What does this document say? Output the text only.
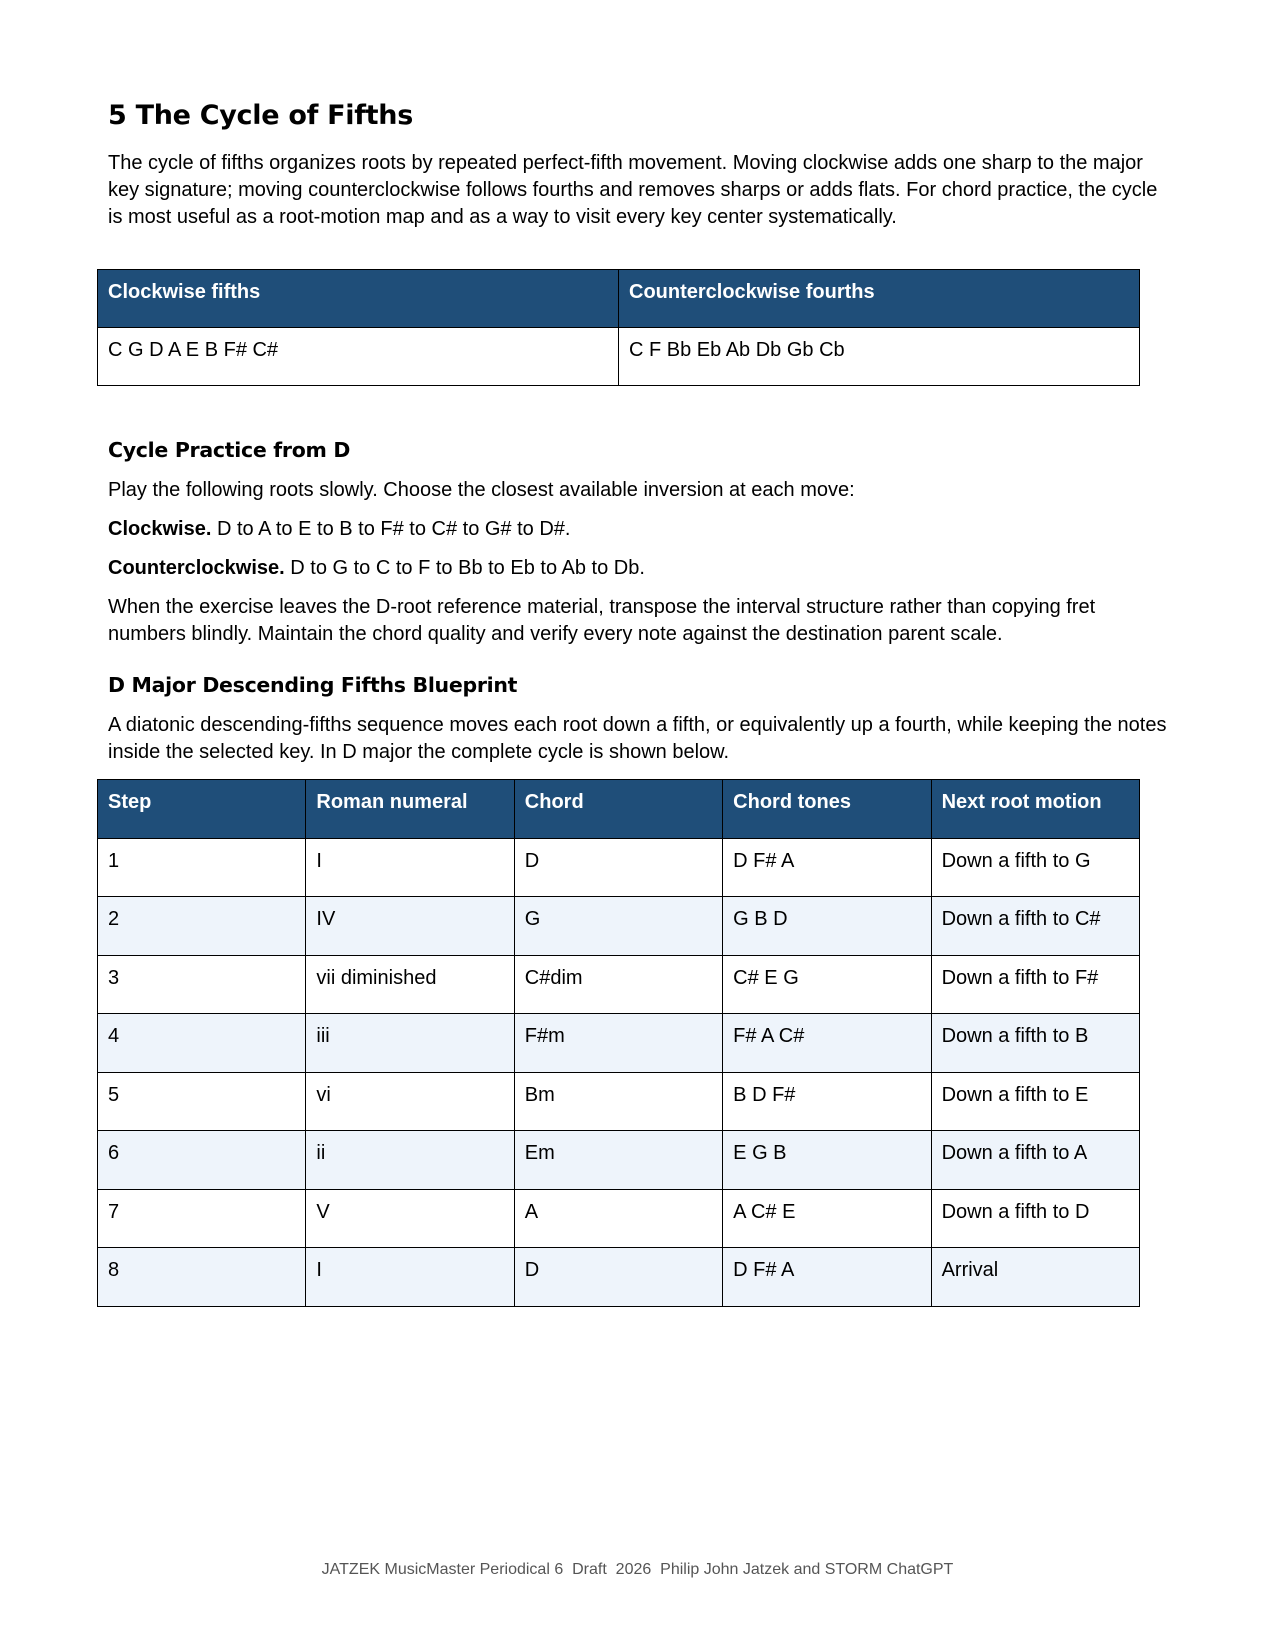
5 The Cycle of Fifths

The cycle of fifths organizes roots by repeated perfect-fifth movement. Moving clockwise adds one sharp to the major key signature; moving counterclockwise follows fourths and removes sharps or adds flats. For chord practice, the cycle is most useful as a root-motion map and as a way to visit every key center systematically.

Clockwise fifths	Counterclockwise fourths
C G D A E B F# C#	C F Bb Eb Ab Db Gb Cb
Cycle Practice from D

Play the following roots slowly. Choose the closest available inversion at each move:

Clockwise. D to A to E to B to F# to C# to G# to D#.

Counterclockwise. D to G to C to F to Bb to Eb to Ab to Db.

When the exercise leaves the D-root reference material, transpose the interval structure rather than copying fret numbers blindly. Maintain the chord quality and verify every note against the destination parent scale.

D Major Descending Fifths Blueprint

A diatonic descending-fifths sequence moves each root down a fifth, or equivalently up a fourth, while keeping the notes inside the selected key. In D major the complete cycle is shown below.

Step	Roman numeral	Chord	Chord tones	Next root motion
1	I	D	D F# A	Down a fifth to G
2	IV	G	G B D	Down a fifth to C#
3	vii diminished	C#dim	C# E G	Down a fifth to F#
4	iii	F#m	F# A C#	Down a fifth to B
5	vi	Bm	B D F#	Down a fifth to E
6	ii	Em	E G B	Down a fifth to A
7	V	A	A C# E	Down a fifth to D
8	I	D	D F# A	Arrival
JATZEK MusicMaster Periodical 6  Draft  2026  Philip John Jatzek and STORM ChatGPT
